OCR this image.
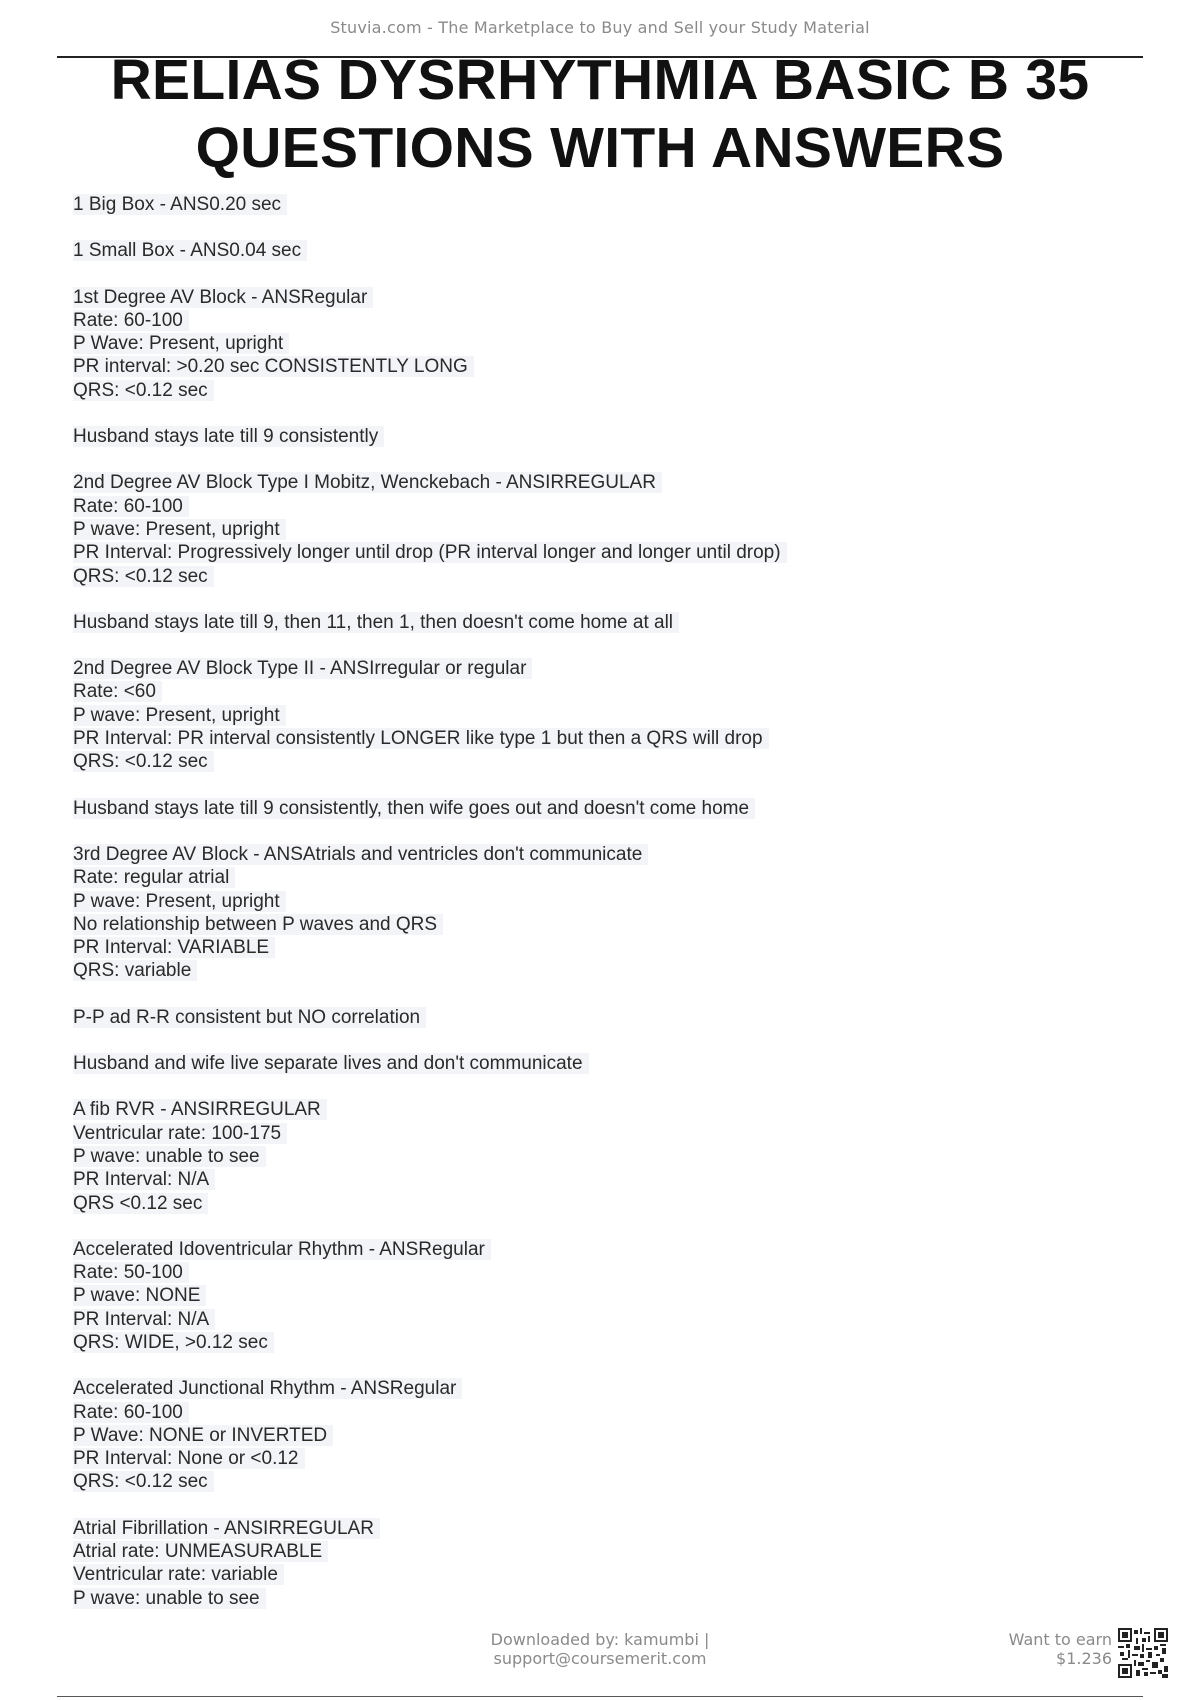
Stuvia.com - The Marketplace to Buy and Sell your Study Material
RELIAS DYSRHYTHMIA BASIC B 35
QUESTIONS WITH ANSWERS
1 Big Box - ANS0.20 sec
1 Small Box - ANS0.04 sec
1st Degree AV Block - ANSRegular
Rate: 60-100
P Wave: Present, upright
PR interval: >0.20 sec CONSISTENTLY LONG
QRS: <0.12 sec
Husband stays late till 9 consistently
2nd Degree AV Block Type I Mobitz, Wenckebach - ANSIRREGULAR
Rate: 60-100
P wave: Present, upright
PR Interval: Progressively longer until drop (PR interval longer and longer until drop)
QRS: <0.12 sec
Husband stays late till 9, then 11, then 1, then doesn't come home at all
2nd Degree AV Block Type II - ANSIrregular or regular
Rate: <60
P wave: Present, upright
PR Interval: PR interval consistently LONGER like type 1 but then a QRS will drop
QRS: <0.12 sec
Husband stays late till 9 consistently, then wife goes out and doesn't come home
3rd Degree AV Block - ANSAtrials and ventricles don't communicate
Rate: regular atrial
P wave: Present, upright
No relationship between P waves and QRS
PR Interval: VARIABLE
QRS: variable
P-P ad R-R consistent but NO correlation
Husband and wife live separate lives and don't communicate
A fib RVR - ANSIRREGULAR
Ventricular rate: 100-175
P wave: unable to see
PR Interval: N/A
QRS <0.12 sec
Accelerated Idoventricular Rhythm - ANSRegular
Rate: 50-100
P wave: NONE
PR Interval: N/A
QRS: WIDE, >0.12 sec
Accelerated Junctional Rhythm - ANSRegular
Rate: 60-100
P Wave: NONE or INVERTED
PR Interval: None or <0.12
QRS: <0.12 sec
Atrial Fibrillation - ANSIRREGULAR
Atrial rate: UNMEASURABLE
Ventricular rate: variable
P wave: unable to see
Downloaded by: kamumbi |
support@coursemerit.com
Want to earn
$1.236
